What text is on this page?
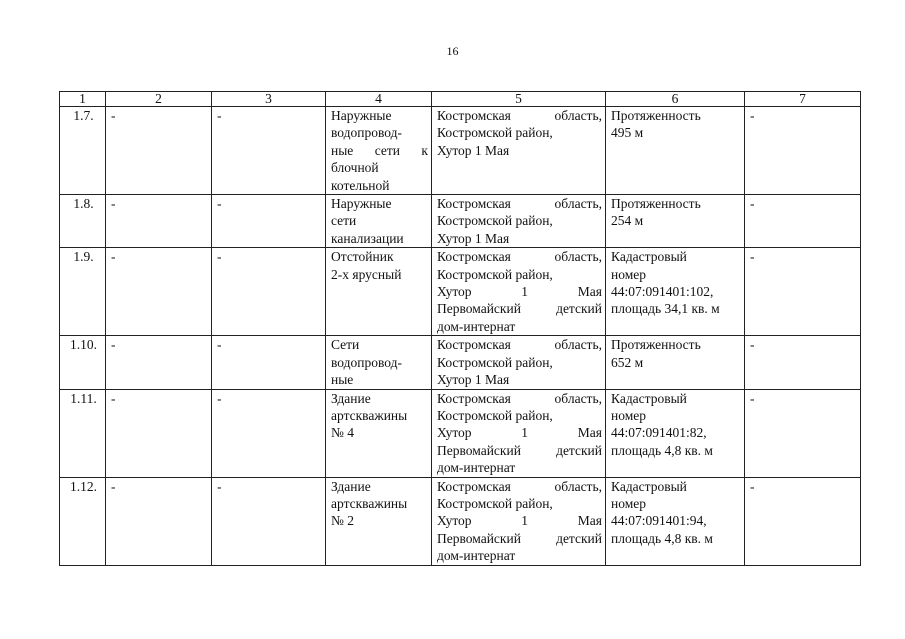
16
1	2	3	4	5	6	7

1.7.	-	-	Наружные
водопровод-
ные сети к
блочной
котельной	Костромская область,
Костромской район,
Хутор 1 Мая	Протяженность
495 м	-

1.8.	-	-	Наружные
сети
канализации	Костромская область,
Костромской район,
Хутор 1 Мая	Протяженность
254 м	-

1.9.	-	-	Отстойник
2-х ярусный	Костромская область,
Костромской район,
Хутор 1 Мая
Первомайский детский
дом-интернат	Кадастровый
номер
44:07:091401:102,
площадь 34,1 кв. м	-

1.10.	-	-	Сети
водопровод-
ные	Костромская область,
Костромской район,
Хутор 1 Мая	Протяженность
652 м	-

1.11.	-	-	Здание
артскважины
№ 4	Костромская область,
Костромской район,
Хутор 1 Мая
Первомайский детский
дом-интернат	Кадастровый
номер
44:07:091401:82,
площадь 4,8 кв. м	-

1.12.	-	-	Здание
артскважины
№ 2	Костромская область,
Костромской район,
Хутор 1 Мая
Первомайский детский
дом-интернат	Кадастровый
номер
44:07:091401:94,
площадь 4,8 кв. м	-
